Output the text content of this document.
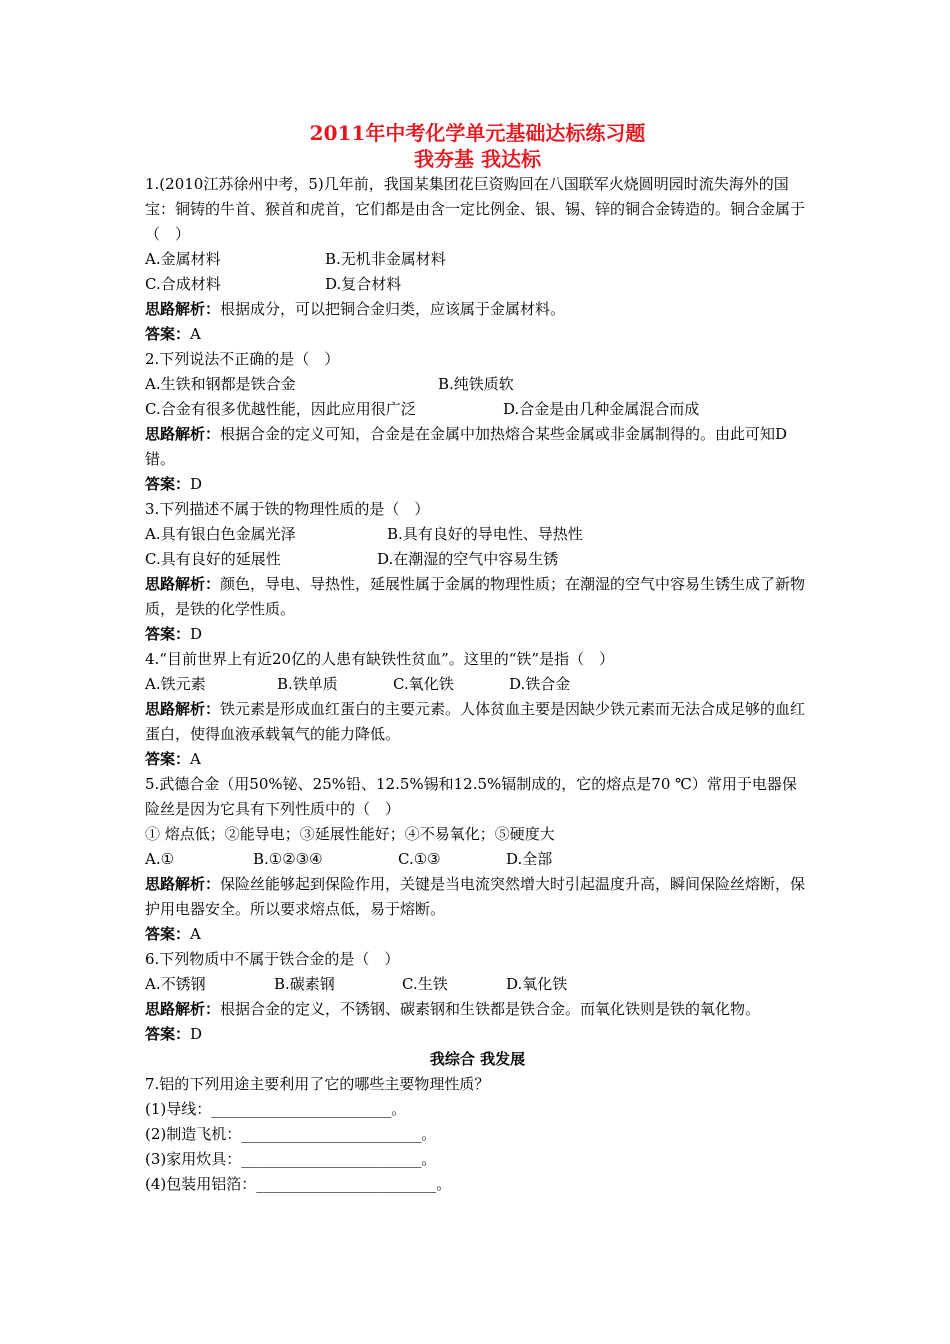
2011年中考化学单元基础达标练习题

我夯基 我达标

1.(2010江苏徐州中考，5)几年前，我国某集团花巨资购回在八国联军火烧圆明园时流失海外的国宝：铜铸的牛首、猴首和虎首，它们都是由含一定比例金、银、锡、锌的铜合金铸造的。铜合金属于（　）

A.金属材料	B.无机非金属材料

C.合成材料	D.复合材料

思路解析：根据成分，可以把铜合金归类，应该属于金属材料。

答案：A

2.下列说法不正确的是（　）

A.生铁和钢都是铁合金	B.纯铁质软

C.合金有很多优越性能，因此应用很广泛	D.合金是由几种金属混合而成

思路解析：根据合金的定义可知，合金是在金属中加热熔合某些金属或非金属制得的。由此可知D错。

答案：D

3.下列描述不属于铁的物理性质的是（　）

A.具有银白色金属光泽	B.具有良好的导电性、导热性

C.具有良好的延展性	D.在潮湿的空气中容易生锈

思路解析：颜色，导电、导热性，延展性属于金属的物理性质；在潮湿的空气中容易生锈生成了新物质，是铁的化学性质。

答案：D

4.“目前世界上有近20亿的人患有缺铁性贫血”。这里的“铁”是指（　）

A.铁元素	B.铁单质	C.氧化铁	D.铁合金

思路解析：铁元素是形成血红蛋白的主要元素。人体贫血主要是因缺少铁元素而无法合成足够的血红蛋白，使得血液承载氧气的能力降低。

答案：A

5.武德合金（用50%铋、25%铅、12.5%锡和12.5%镉制成的，它的熔点是70 ℃）常用于电器保险丝是因为它具有下列性质中的（　）

① 熔点低；②能导电；③延展性能好；④不易氧化；⑤硬度大

A.①	B.①②③④	C.①③	D.全部

思路解析：保险丝能够起到保险作用，关键是当电流突然增大时引起温度升高，瞬间保险丝熔断，保护用电器安全。所以要求熔点低，易于熔断。

答案：A

6.下列物质中不属于铁合金的是（　）

A.不锈钢	B.碳素钢	C.生铁	D.氧化铁

思路解析：根据合金的定义，不锈钢、碳素钢和生铁都是铁合金。而氧化铁则是铁的氧化物。

答案：D

我综合 我发展

7.铝的下列用途主要利用了它的哪些主要物理性质？

(1)导线：________________________。

(2)制造飞机：________________________。

(3)家用炊具：________________________。

(4)包装用铝箔：________________________。
